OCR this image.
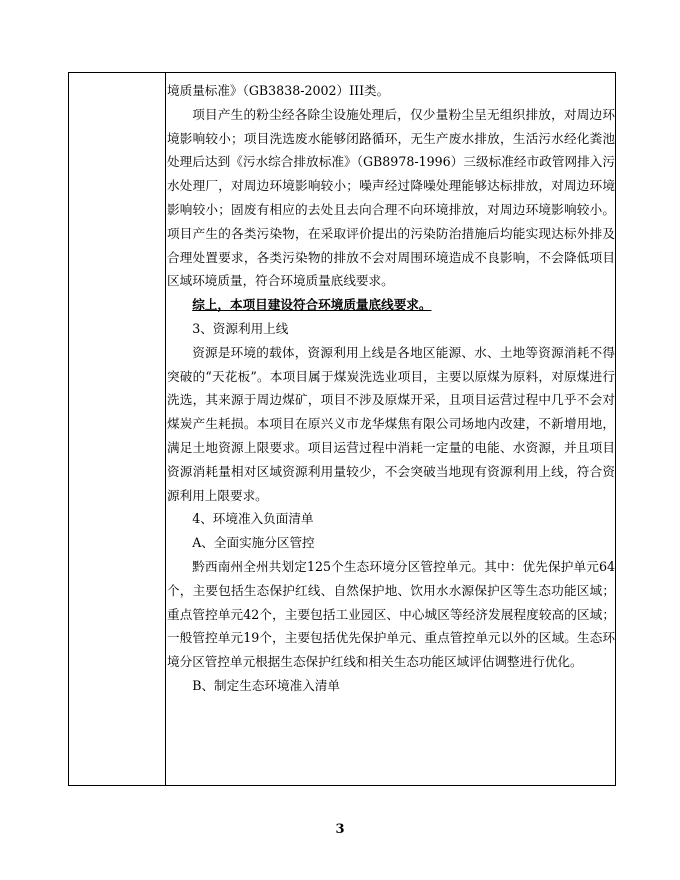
境质量标准》（GB3838-2002）III类。

项目产生的粉尘经各除尘设施处理后，仅少量粉尘呈无组织排放，对周边环境影响较小；项目洗选废水能够闭路循环，无生产废水排放，生活污水经化粪池处理后达到《污水综合排放标准》（GB8978-1996）三级标准经市政管网排入污水处理厂，对周边环境影响较小；噪声经过降噪处理能够达标排放，对周边环境影响较小；固废有相应的去处且去向合理不向环境排放，对周边环境影响较小。项目产生的各类污染物，在采取评价提出的污染防治措施后均能实现达标外排及合理处置要求，各类污染物的排放不会对周围环境造成不良影响，不会降低项目区域环境质量，符合环境质量底线要求。

综上，本项目建设符合环境质量底线要求。

3、资源利用上线

资源是环境的载体，资源利用上线是各地区能源、水、土地等资源消耗不得突破的“天花板”。本项目属于煤炭洗选业项目，主要以原煤为原料，对原煤进行洗选，其来源于周边煤矿，项目不涉及原煤开采，且项目运营过程中几乎不会对煤炭产生耗损。本项目在原兴义市龙华煤焦有限公司场地内改建，不新增用地，满足土地资源上限要求。项目运营过程中消耗一定量的电能、水资源，并且项目资源消耗量相对区域资源利用量较少，不会突破当地现有资源利用上线，符合资源利用上限要求。

4、环境准入负面清单

A、全面实施分区管控

黔西南州全州共划定125个生态环境分区管控单元。其中：优先保护单元64个，主要包括生态保护红线、自然保护地、饮用水水源保护区等生态功能区域；重点管控单元42个，主要包括工业园区、中心城区等经济发展程度较高的区域；一般管控单元19个，主要包括优先保护单元、重点管控单元以外的区域。生态环境分区管控单元根据生态保护红线和相关生态功能区域评估调整进行优化。

B、制定生态环境准入清单

3
